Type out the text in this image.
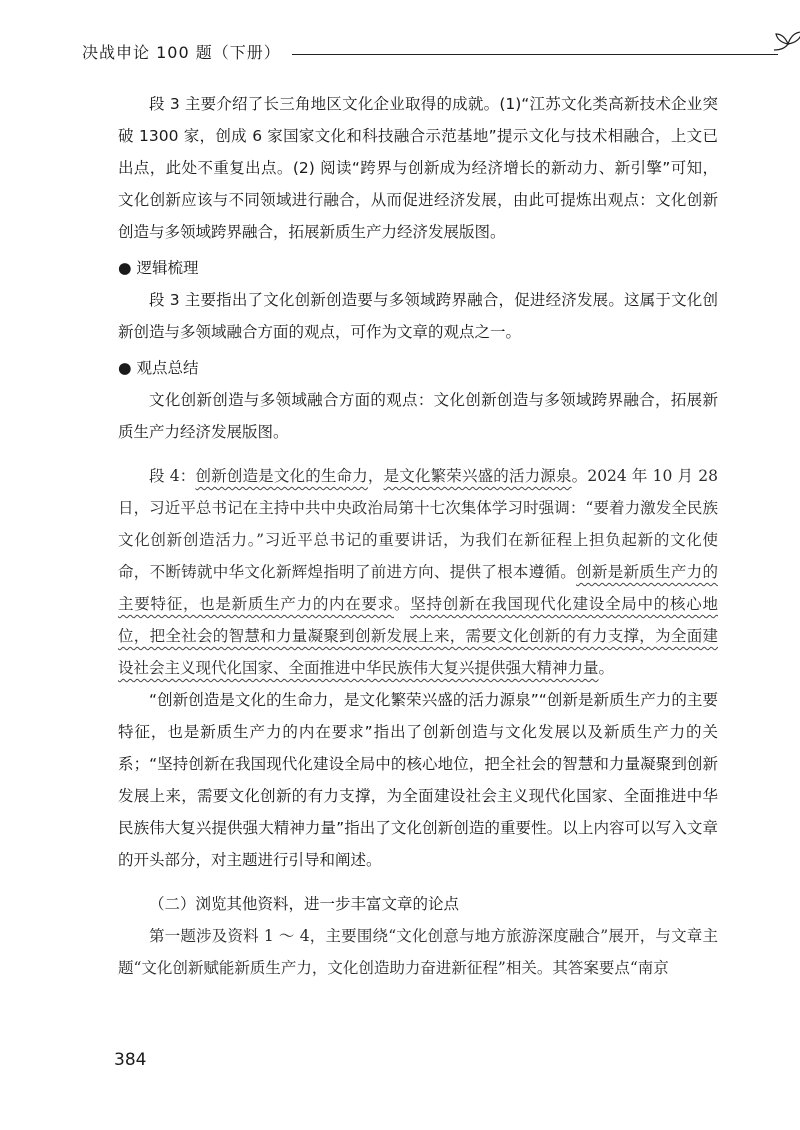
决战申论 100 题（下册）

段 3 主要介绍了长三角地区文化企业取得的成就。(1)“江苏文化类高新技术企业突破 1300 家，创成 6 家国家文化和科技融合示范基地”提示文化与技术相融合，上文已出点，此处不重复出点。(2) 阅读“跨界与创新成为经济增长的新动力、新引擎”可知，文化创新应该与不同领域进行融合，从而促进经济发展，由此可提炼出观点：文化创新创造与多领域跨界融合，拓展新质生产力经济发展版图。

● 逻辑梳理

段 3 主要指出了文化创新创造要与多领域跨界融合，促进经济发展。这属于文化创新创造与多领域融合方面的观点，可作为文章的观点之一。

● 观点总结

文化创新创造与多领域融合方面的观点：文化创新创造与多领域跨界融合，拓展新质生产力经济发展版图。

段 4：创新创造是文化的生命力，是文化繁荣兴盛的活力源泉。2024 年 10 月 28 日，习近平总书记在主持中共中央政治局第十七次集体学习时强调：“要着力激发全民族文化创新创造活力。”习近平总书记的重要讲话，为我们在新征程上担负起新的文化使命，不断铸就中华文化新辉煌指明了前进方向、提供了根本遵循。创新是新质生产力的主要特征，也是新质生产力的内在要求。坚持创新在我国现代化建设全局中的核心地位，把全社会的智慧和力量凝聚到创新发展上来，需要文化创新的有力支撑，为全面建设社会主义现代化国家、全面推进中华民族伟大复兴提供强大精神力量。

“创新创造是文化的生命力，是文化繁荣兴盛的活力源泉”“创新是新质生产力的主要特征，也是新质生产力的内在要求”指出了创新创造与文化发展以及新质生产力的关系；“坚持创新在我国现代化建设全局中的核心地位，把全社会的智慧和力量凝聚到创新发展上来，需要文化创新的有力支撑，为全面建设社会主义现代化国家、全面推进中华民族伟大复兴提供强大精神力量”指出了文化创新创造的重要性。以上内容可以写入文章的开头部分，对主题进行引导和阐述。

（二）浏览其他资料，进一步丰富文章的论点

第一题涉及资料 1 ～ 4，主要围绕“文化创意与地方旅游深度融合”展开，与文章主题“文化创新赋能新质生产力，文化创造助力奋进新征程”相关。其答案要点“南京

384
